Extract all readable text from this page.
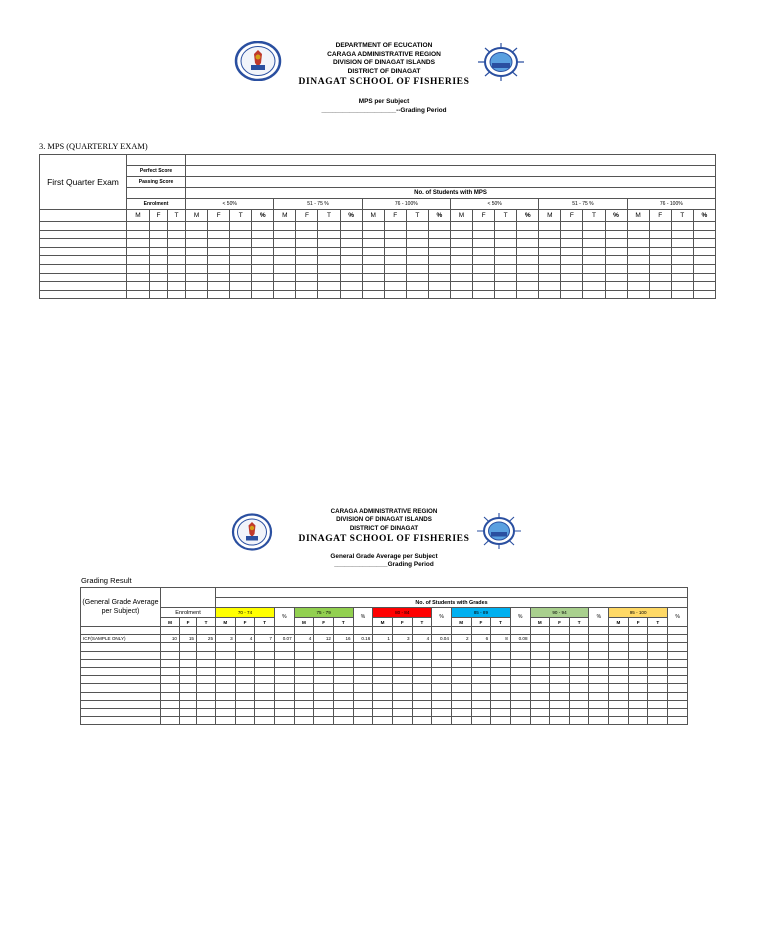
DEPARTMENT OF ECUCATION
CARAGA ADMINISTRATIVE REGION
DIVISION OF DINAGAT ISLANDS
DISTRICT OF DINAGAT
DINAGAT SCHOOL OF FISHERIES
MPS per Subject
_____________________--Grading Period
3. MPS (QUARTERLY EXAM)
First Quarter Exam																											
	Perfect Score																										
	Passing Score																										
				No. of Students with MPS																							
	Enrolment			< 50%				51 - 75 %				76 - 100%				< 50%				51 - 75 %				76 - 100%			
	M	F	T	M	F	T	%	M	F	T	%	M	F	T	%	M	F	T	%	M	F	T	%	M	F	T	%

CARAGA ADMINISTRATIVE REGION
DIVISION OF DINAGAT ISLANDS
DISTRICT OF DINAGAT
DINAGAT SCHOOL OF FISHERIES
General Grade Average per Subject
_______________Grading Period
Grading Result
(General Grade Average per Subject)																											
				No. of Students with Grades																							
	Enrolment			70 - 74			%	75 - 79			%	80 - 84			%	85 - 89			%	90 - 94			%	95 - 100			%
	M	F	T	M	F	T		M	F	T		M	F	T		M	F	T		M	F	T		M	F	T	

ICF(SAMPLE ONLY)	10	15	25	3	4	7	0.07	4	12	16	0.16	1	3	4	0.04	2	6	8	0.08								
